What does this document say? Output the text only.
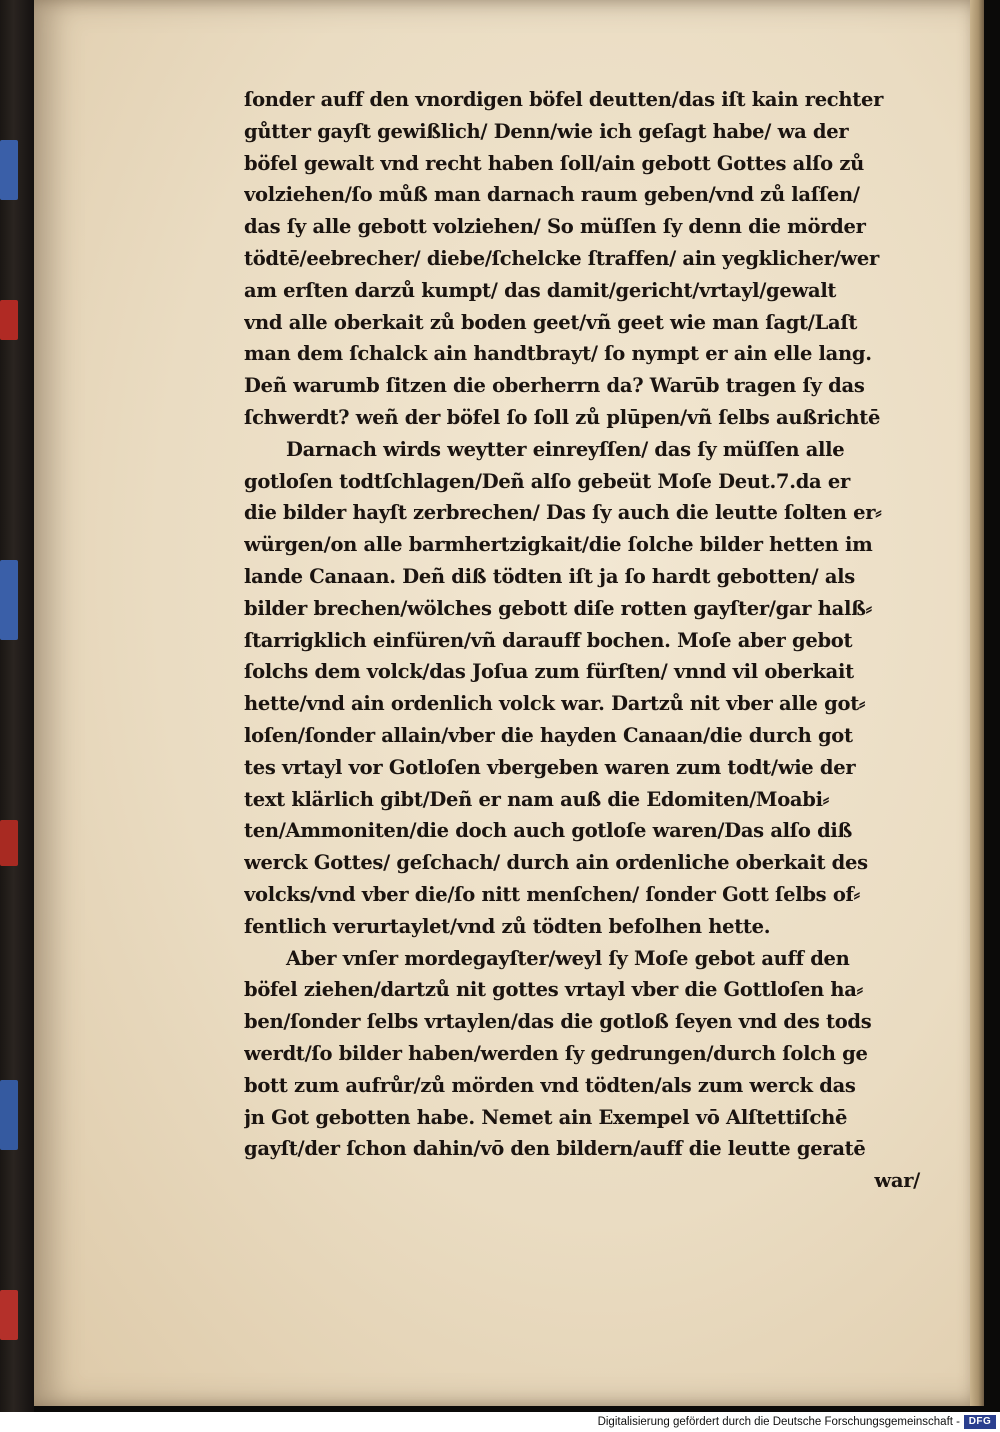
ſonder auff den vnordigen böfel deutten/das iſt kain rechter
gůtter gayſt gewißlich/ Denn/wie ich geſagt habe/ wa der
böfel gewalt vnd recht haben ſoll/ain gebott Gottes alſo zů
volziehen/ſo můß man darnach raum geben/vnd zů laſſen/
das ſy alle gebott volziehen/ So müſſen ſy denn die mörder
tödtē/eebrecher/ diebe/ſchelcke ſtraffen/ ain yegklicher/wer
am erſten darzů kumpt/ das damit/gericht/vrtayl/gewalt
vnd alle oberkait zů boden geet/vñ geet wie man ſagt/Laſt
man dem ſchalck ain handtbrayt/ ſo nympt er ain elle lang.
Deñ warumb ſitzen die oberherrn da? Warūb tragen ſy das
ſchwerdt? weñ der böfel ſo ſoll zů plūpen/vñ ſelbs außrichtē
Darnach wirds weytter einreyſſen/ das ſy müſſen alle
gotloſen todtſchlagen/Deñ alſo gebeüt Moſe Deut.7.da er
die bilder hayſt zerbrechen/ Das ſy auch die leutte ſolten er⸗
würgen/on alle barmhertzigkait/die ſolche bilder hetten im
lande Canaan. Deñ diß tödten iſt ja ſo hardt gebotten/ als
bilder brechen/wölches gebott diſe rotten gayſter/gar halß⸗
ſtarrigklich einfüren/vñ darauff bochen. Moſe aber gebot
ſolchs dem volck/das Joſua zum fürſten/ vnnd vil oberkait
hette/vnd ain ordenlich volck war. Dartzů nit vber alle got⸗
loſen/ſonder allain/vber die hayden Canaan/die durch got
tes vrtayl vor Gotloſen vbergeben waren zum todt/wie der
text klärlich gibt/Deñ er nam auß die Edomiten/Moabi⸗
ten/Ammoniten/die doch auch gotloſe waren/Das alſo diß
werck Gottes/ geſchach/ durch ain ordenliche oberkait des
volcks/vnd vber die/ſo nitt menſchen/ ſonder Gott ſelbs of⸗
fentlich verurtaylet/vnd zů tödten befolhen hette.
Aber vnſer mordegayſter/weyl ſy Moſe gebot auff den
böfel ziehen/dartzů nit gottes vrtayl vber die Gottloſen ha⸗
ben/ſonder ſelbs vrtaylen/das die gotloß ſeyen vnd des tods
werdt/ſo bilder haben/werden ſy gedrungen/durch ſolch ge
bott zum aufrůr/zů mörden vnd tödten/als zum werck das
jn Got gebotten habe. Nemet ain Exempel vō Alſtettiſchē
gayſt/der ſchon dahin/vō den bildern/auff die leutte geratē
war/
Digitalisierung gefördert durch die Deutsche Forschungsgemeinschaft - DFG
